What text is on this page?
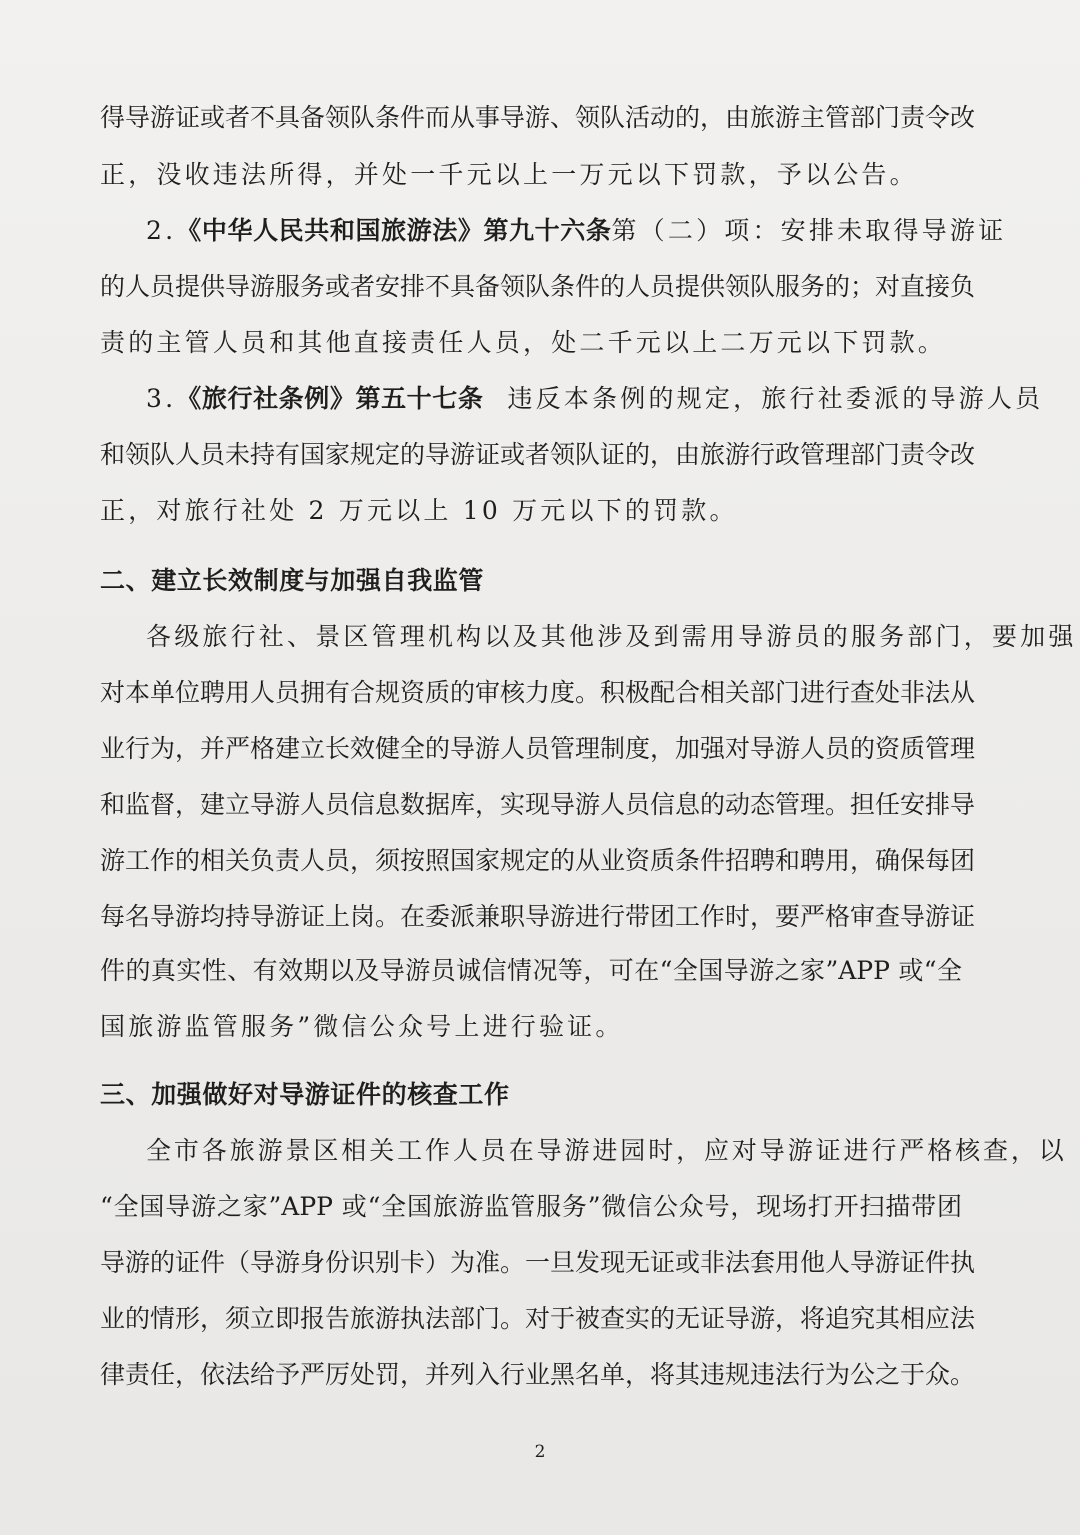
得导游证或者不具备领队条件而从事导游、领队活动的，由旅游主管部门责令改

正，没收违法所得，并处一千元以上一万元以下罚款，予以公告。

2.《中华人民共和国旅游法》第九十六条第（二）项：安排未取得导游证

的人员提供导游服务或者安排不具备领队条件的人员提供领队服务的；对直接负

责的主管人员和其他直接责任人员，处二千元以上二万元以下罚款。

3.《旅行社条例》第五十七条 违反本条例的规定，旅行社委派的导游人员

和领队人员未持有国家规定的导游证或者领队证的，由旅游行政管理部门责令改

正，对旅行社处 2 万元以上 10 万元以下的罚款。

二、建立长效制度与加强自我监管

各级旅行社、景区管理机构以及其他涉及到需用导游员的服务部门，要加强

对本单位聘用人员拥有合规资质的审核力度。积极配合相关部门进行查处非法从

业行为，并严格建立长效健全的导游人员管理制度，加强对导游人员的资质管理

和监督，建立导游人员信息数据库，实现导游人员信息的动态管理。担任安排导

游工作的相关负责人员，须按照国家规定的从业资质条件招聘和聘用，确保每团

每名导游均持导游证上岗。在委派兼职导游进行带团工作时，要严格审查导游证

件的真实性、有效期以及导游员诚信情况等，可在“全国导游之家”APP 或“全

国旅游监管服务”微信公众号上进行验证。

三、加强做好对导游证件的核查工作

全市各旅游景区相关工作人员在导游进园时，应对导游证进行严格核查，以

“全国导游之家”APP 或“全国旅游监管服务”微信公众号，现场打开扫描带团

导游的证件（导游身份识别卡）为准。一旦发现无证或非法套用他人导游证件执

业的情形，须立即报告旅游执法部门。对于被查实的无证导游，将追究其相应法

律责任，依法给予严厉处罚，并列入行业黑名单，将其违规违法行为公之于众。

2
